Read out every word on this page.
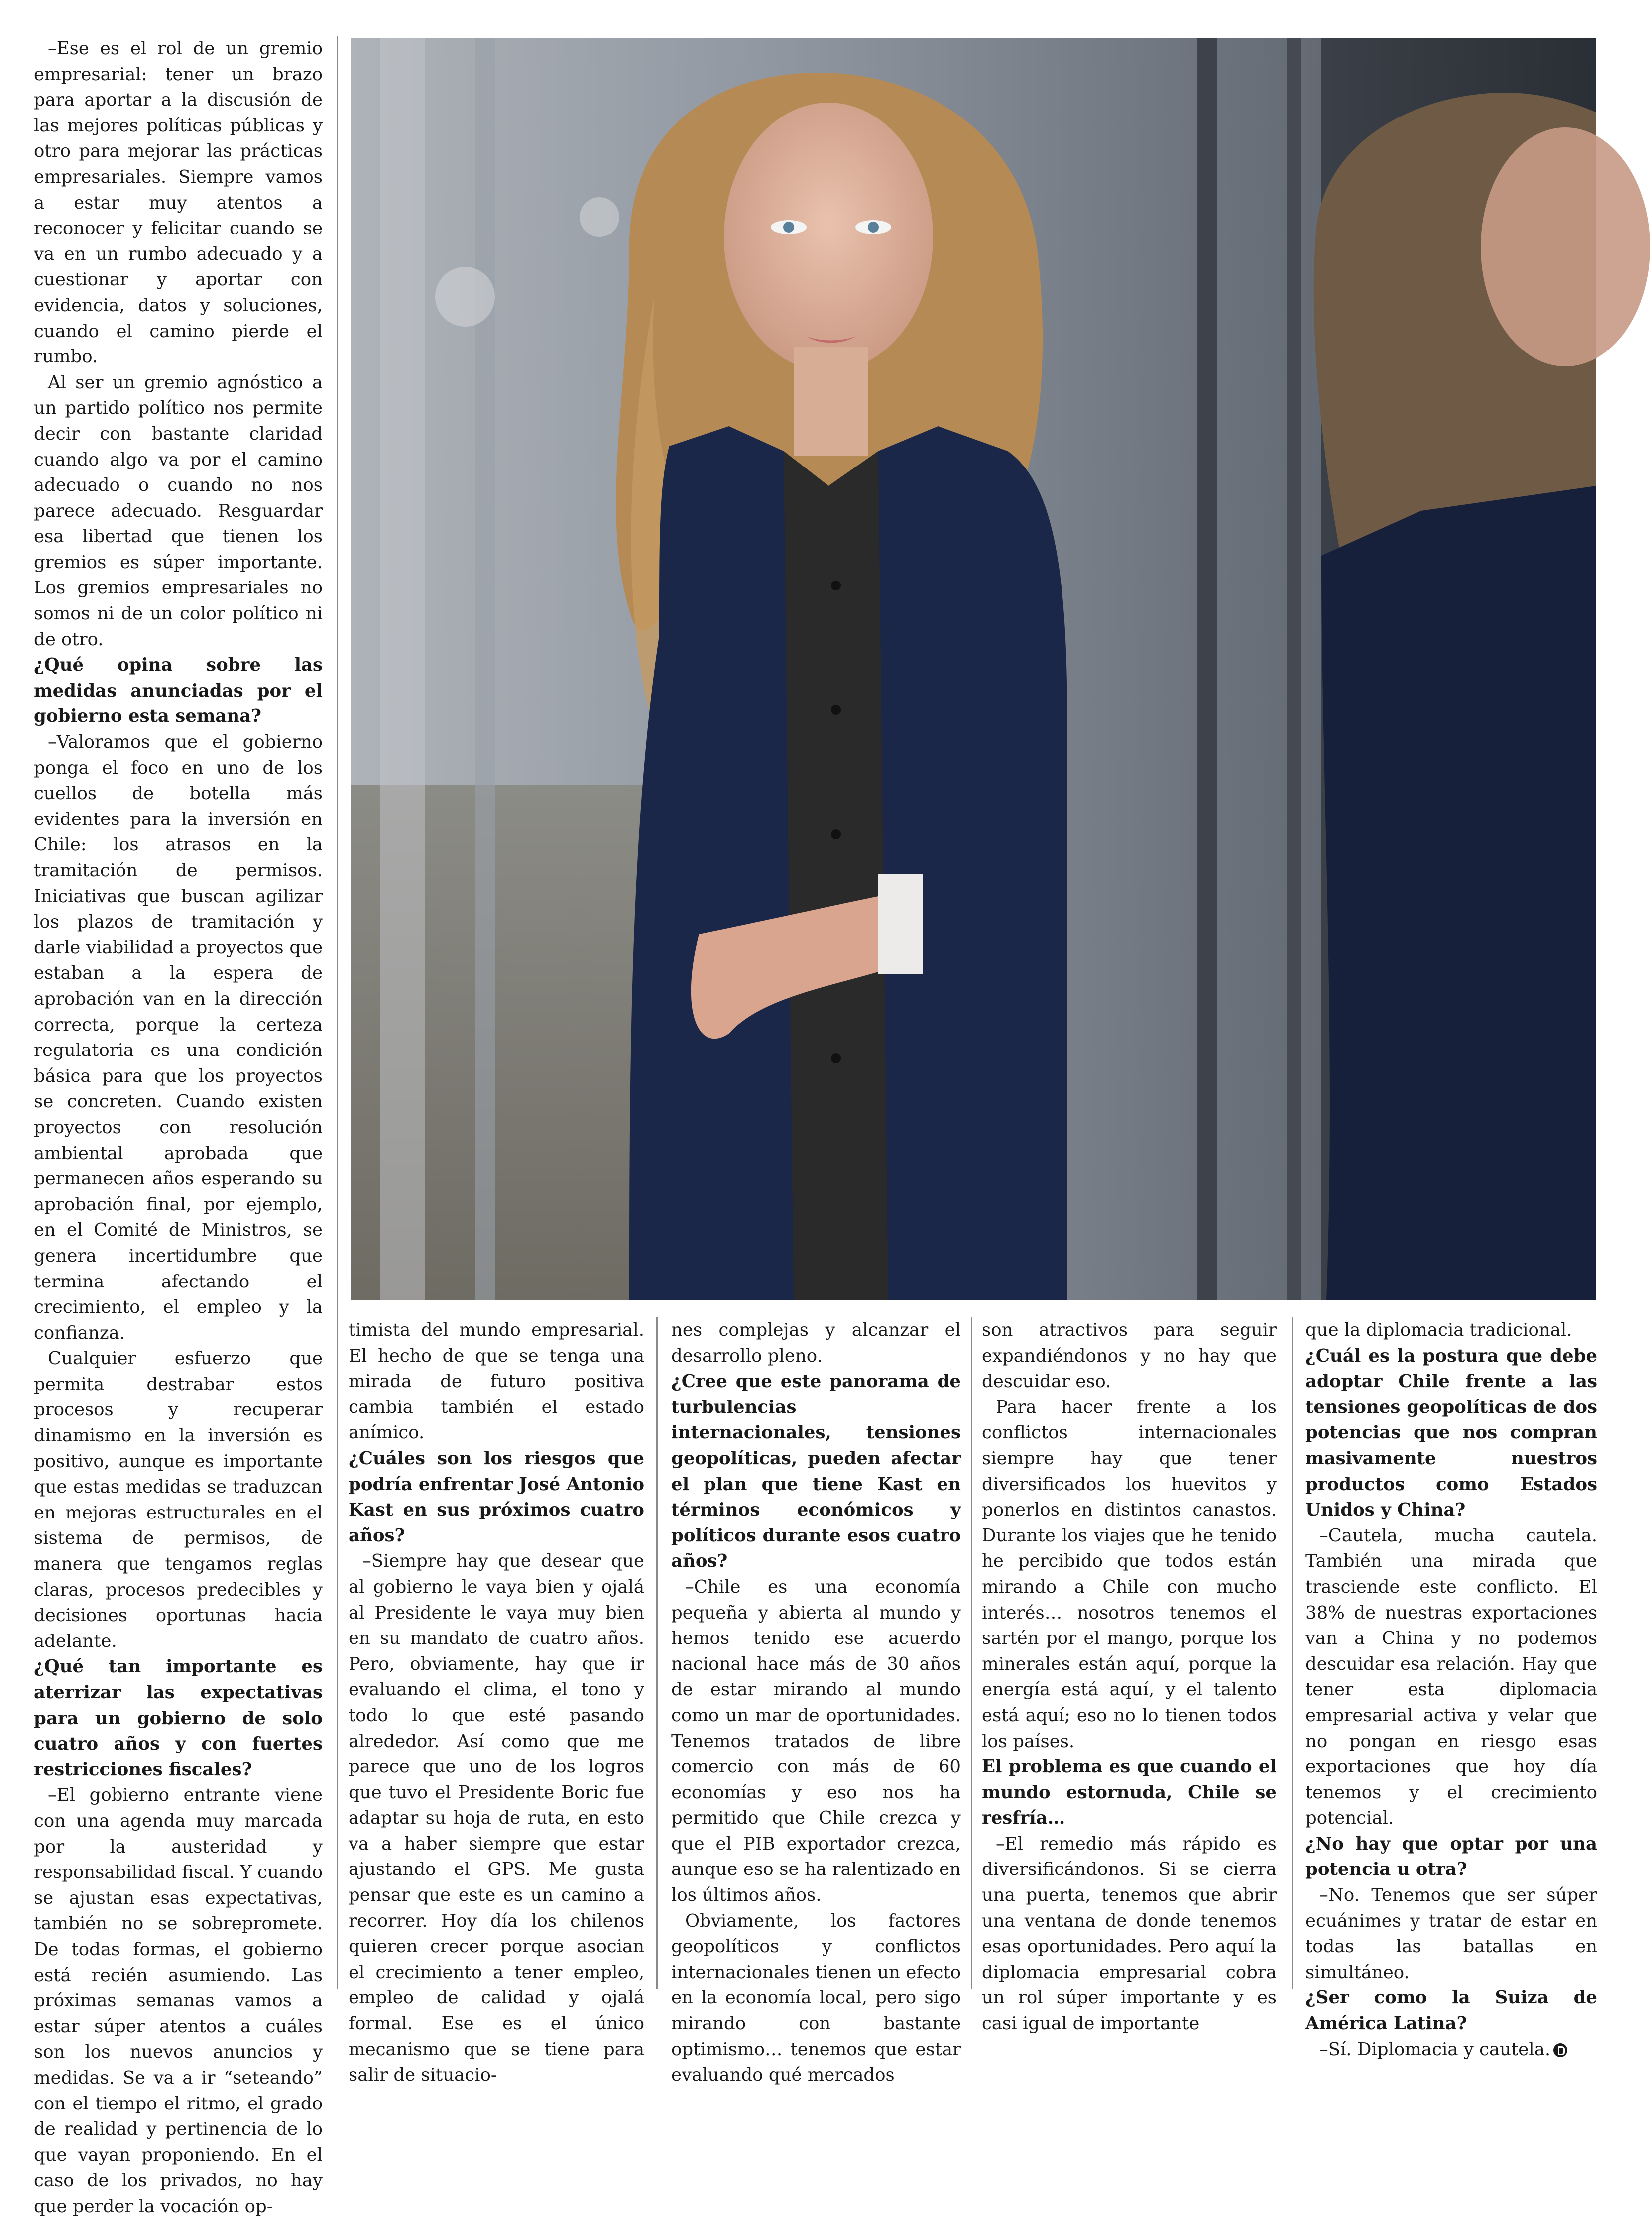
–Ese es el rol de un gremio empresarial: tener un brazo para aportar a la discusión de las mejores políticas públicas y otro para mejorar las prácticas empresariales. Siempre vamos a estar muy atentos a reconocer y felicitar cuando se va en un rumbo adecuado y a cuestionar y aportar con evidencia, datos y soluciones, cuando el camino pierde el rumbo.

Al ser un gremio agnóstico a un partido político nos permite decir con bastante claridad cuando algo va por el camino adecuado o cuando no nos parece adecuado. Resguardar esa libertad que tienen los gremios es súper importante. Los gremios empresariales no somos ni de un color político ni de otro.

¿Qué opina sobre las medidas anunciadas por el gobierno esta semana?

–Valoramos que el gobierno ponga el foco en uno de los cuellos de botella más evidentes para la inversión en Chile: los atrasos en la tramitación de permisos. Iniciativas que buscan agilizar los plazos de tramitación y darle viabilidad a proyectos que estaban a la espera de aprobación van en la dirección correcta, porque la certeza regulatoria es una condición básica para que los proyectos se concreten. Cuando existen proyectos con resolución ambiental aprobada que permanecen años esperando su aprobación final, por ejemplo, en el Comité de Ministros, se genera incertidumbre que termina afectando el crecimiento, el empleo y la confianza.

Cualquier esfuerzo que permita destrabar estos procesos y recuperar dinamismo en la inversión es positivo, aunque es importante que estas medidas se traduzcan en mejoras estructurales en el sistema de permisos, de manera que tengamos reglas claras, procesos predecibles y decisiones oportunas hacia adelante.

¿Qué tan importante es aterrizar las expectativas para un gobierno de solo cuatro años y con fuertes restricciones fiscales?

–El gobierno entrante viene con una agenda muy marcada por la austeridad y responsabilidad fiscal. Y cuando se ajustan esas expectativas, también no se sobrepromete. De todas formas, el gobierno está recién asumiendo. Las próximas semanas vamos a estar súper atentos a cuáles son los nuevos anuncios y medidas. Se va a ir “seteando” con el tiempo el ritmo, el grado de realidad y pertinencia de lo que vayan proponiendo. En el caso de los privados, no hay que perder la vocación op-

timista del mundo empresarial. El hecho de que se tenga una mirada de futuro positiva cambia también el estado anímico.

¿Cuáles son los riesgos que podría enfrentar José Antonio Kast en sus próximos cuatro años?

–Siempre hay que desear que al gobierno le vaya bien y ojalá al Presidente le vaya muy bien en su mandato de cuatro años. Pero, obviamente, hay que ir evaluando el clima, el tono y todo lo que esté pasando alrededor. Así como que me parece que uno de los logros que tuvo el Presidente Boric fue adaptar su hoja de ruta, en esto va a haber siempre que estar ajustando el GPS. Me gusta pensar que este es un camino a recorrer. Hoy día los chilenos quieren crecer porque asocian el crecimiento a tener empleo, empleo de calidad y ojalá formal. Ese es el único mecanismo que se tiene para salir de situacio-

nes complejas y alcanzar el desarrollo pleno.

¿Cree que este panorama de turbulencias internacionales, tensiones geopolíticas, pueden afectar el plan que tiene Kast en términos económicos y políticos durante esos cuatro años?

–Chile es una economía pequeña y abierta al mundo y hemos tenido ese acuerdo nacional hace más de 30 años de estar mirando al mundo como un mar de oportunidades. Tenemos tratados de libre comercio con más de 60 economías y eso nos ha permitido que Chile crezca y que el PIB exportador crezca, aunque eso se ha ralentizado en los últimos años.

Obviamente, los factores geopolíticos y conflictos internacionales tienen un efecto en la economía local, pero sigo mirando con bastante optimismo… tenemos que estar evaluando qué mercados

son atractivos para seguir expandiéndonos y no hay que descuidar eso.

Para hacer frente a los conflictos internacionales siempre hay que tener diversificados los huevitos y ponerlos en distintos canastos. Durante los viajes que he tenido he percibido que todos están mirando a Chile con mucho interés… nosotros tenemos el sartén por el mango, porque los minerales están aquí, porque la energía está aquí, y el talento está aquí; eso no lo tienen todos los países.

El problema es que cuando el mundo estornuda, Chile se resfría…

–El remedio más rápido es diversificándonos. Si se cierra una puerta, tenemos que abrir una ventana de donde tenemos esas oportunidades. Pero aquí la diplomacia empresarial cobra un rol súper importante y es casi igual de importante

que la diplomacia tradicional.

¿Cuál es la postura que debe adoptar Chile frente a las tensiones geopolíticas de dos potencias que nos compran masivamente nuestros productos como Estados Unidos y China?

–Cautela, mucha cautela. También una mirada que trasciende este conflicto. El 38% de nuestras exportaciones van a China y no podemos descuidar esa relación. Hay que tener esta diplomacia empresarial activa y velar que no pongan en riesgo esas exportaciones que hoy día tenemos y el crecimiento potencial.

¿No hay que optar por una potencia u otra?

–No. Tenemos que ser súper ecuánimes y tratar de estar en todas las batallas en simultáneo.

¿Ser como la Suiza de América Latina?

–Sí. Diplomacia y cautela.
